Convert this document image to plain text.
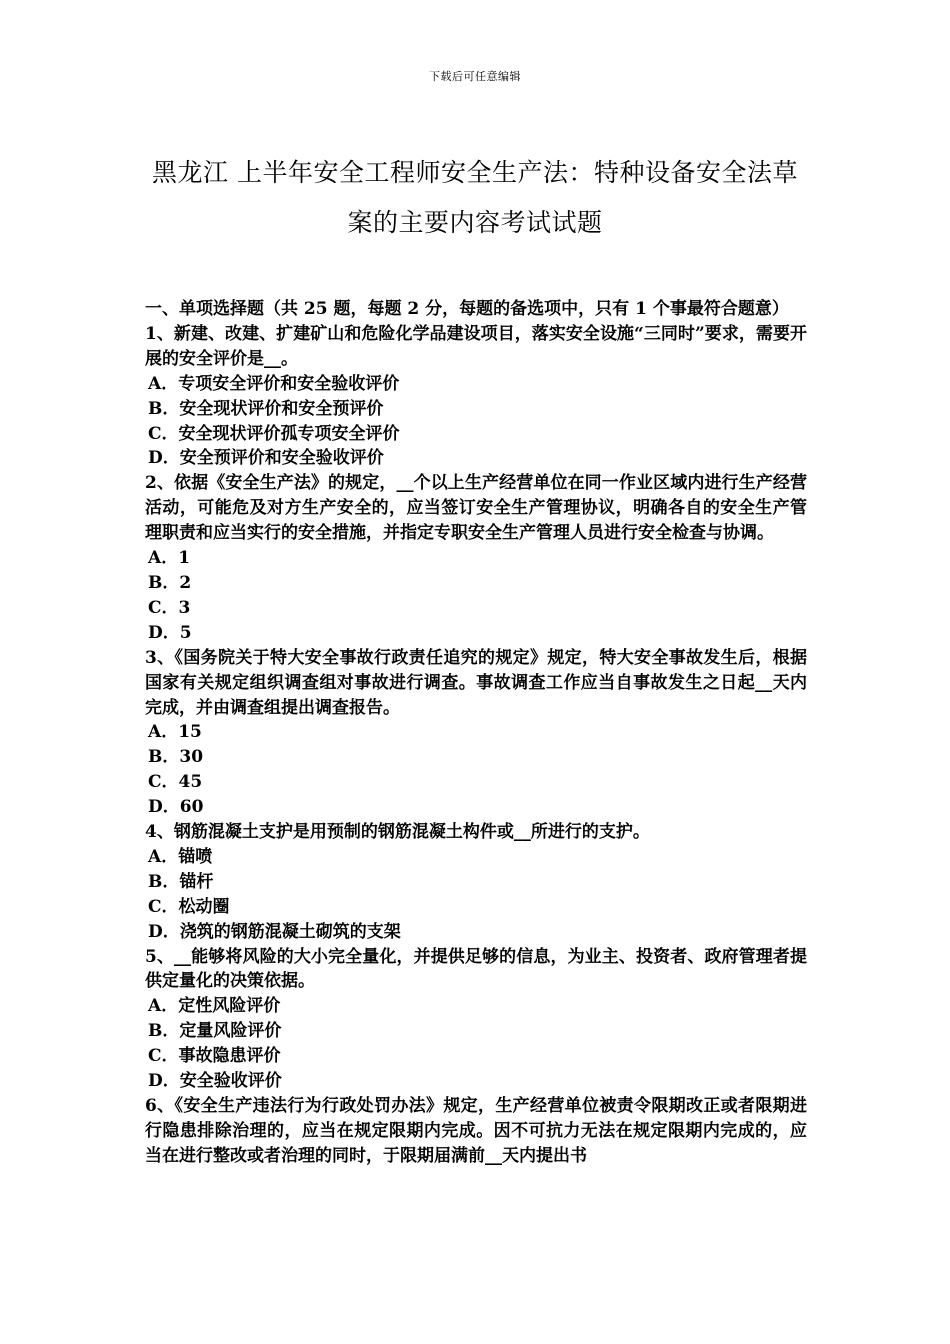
下载后可任意编辑
黑龙江 上半年安全工程师安全生产法：特种设备安全法草案的主要内容考试试题

一、单项选择题（共 25 题，每题 2 分，每题的备选项中，只有 1 个事最符合题意）

1、新建、改建、扩建矿山和危险化学品建设项目，落实安全设施“三同时”要求，需要开展的安全评价是__。

A．专项安全评价和安全验收评价
B．安全现状评价和安全预评价
C．安全现状评价孤专项安全评价
D．安全预评价和安全验收评价

2、依据《安全生产法》的规定，__个以上生产经营单位在同一作业区域内进行生产经营活动，可能危及对方生产安全的，应当签订安全生产管理协议，明确各自的安全生产管理职责和应当实行的安全措施，并指定专职安全生产管理人员进行安全检查与协调。

A．1
B．2
C．3
D．5

3、《国务院关于特大安全事故行政责任追究的规定》规定，特大安全事故发生后，根据国家有关规定组织调查组对事故进行调查。事故调查工作应当自事故发生之日起__天内完成，并由调查组提出调查报告。

A．15
B．30
C．45
D．60

4、钢筋混凝土支护是用预制的钢筋混凝土构件或__所进行的支护。

A．锚喷
B．锚杆
C．松动圈
D．浇筑的钢筋混凝土砌筑的支架

5、__能够将风险的大小完全量化，并提供足够的信息，为业主、投资者、政府管理者提供定量化的决策依据。

A．定性风险评价
B．定量风险评价
C．事故隐患评价
D．安全验收评价

6、《安全生产违法行为行政处罚办法》规定，生产经营单位被责令限期改正或者限期进行隐患排除治理的，应当在规定限期内完成。因不可抗力无法在规定限期内完成的，应当在进行整改或者治理的同时，于限期届满前__天内提出书
